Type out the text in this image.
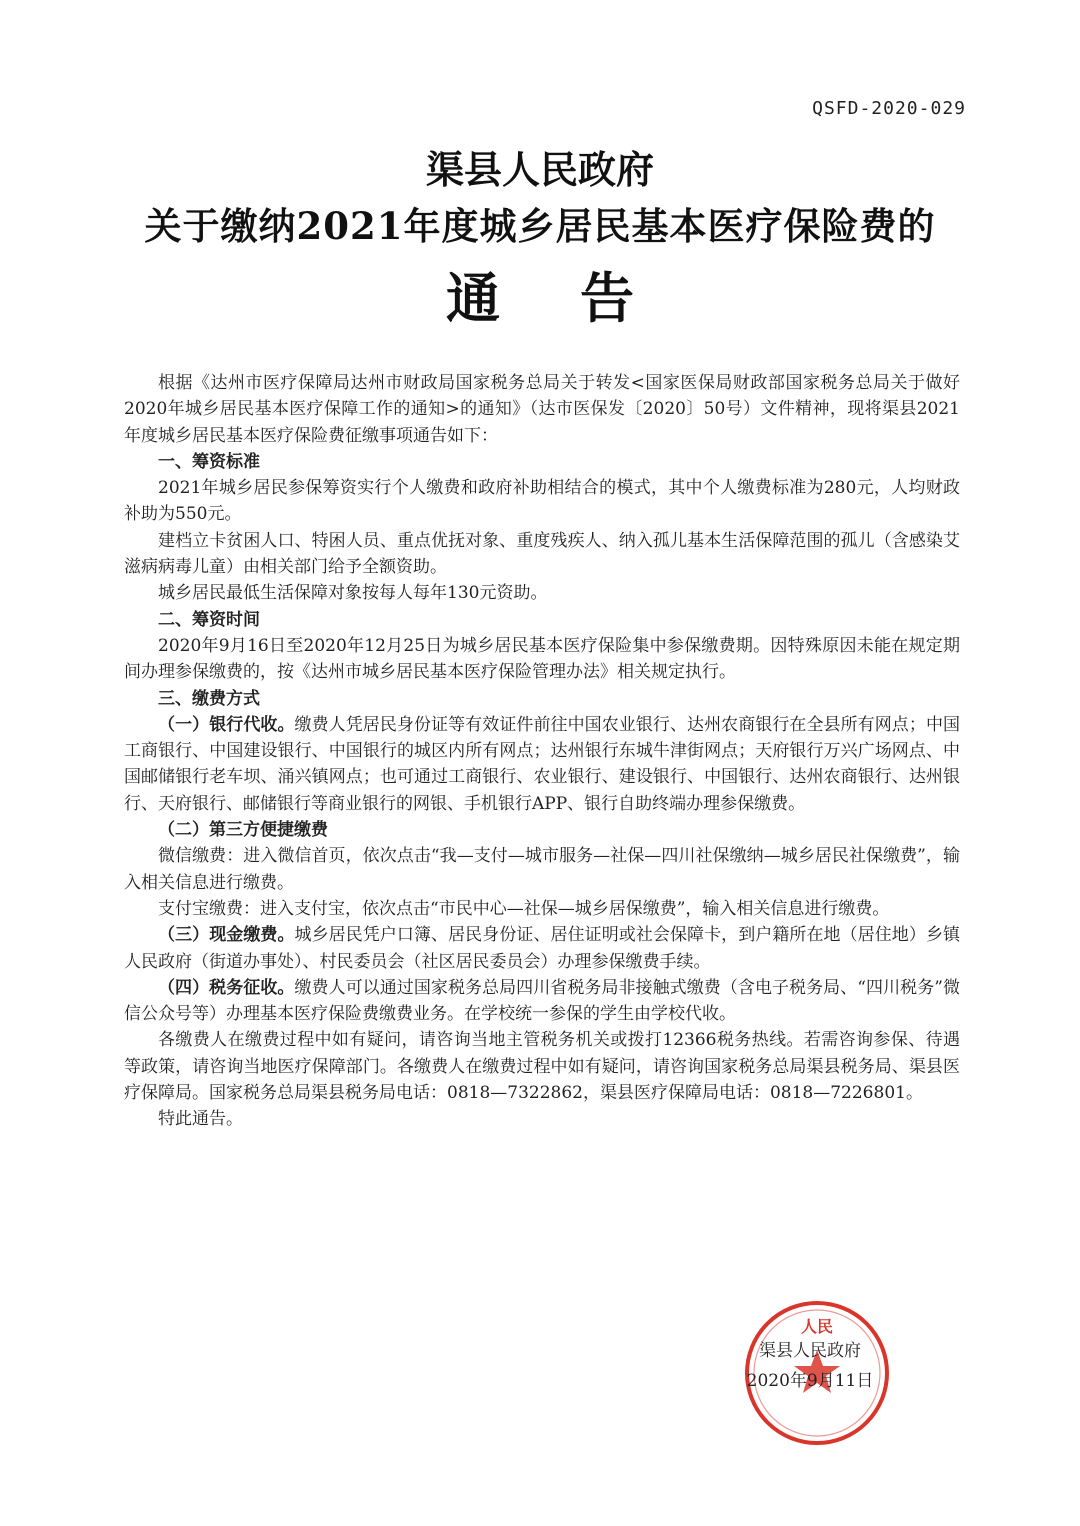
QSFD-2020-029

渠县人民政府

关于缴纳2021年度城乡居民基本医疗保险费的

通告

根据《达州市医疗保障局达州市财政局国家税务总局关于转发<国家医保局财政部国家税务总局关于做好2020年城乡居民基本医疗保障工作的通知>的通知》（达市医保发〔2020〕50号）文件精神，现将渠县2021年度城乡居民基本医疗保险费征缴事项通告如下：

一、筹资标准

2021年城乡居民参保筹资实行个人缴费和政府补助相结合的模式，其中个人缴费标准为280元，人均财政补助为550元。

建档立卡贫困人口、特困人员、重点优抚对象、重度残疾人、纳入孤儿基本生活保障范围的孤儿（含感染艾滋病病毒儿童）由相关部门给予全额资助。

城乡居民最低生活保障对象按每人每年130元资助。

二、筹资时间

2020年9月16日至2020年12月25日为城乡居民基本医疗保险集中参保缴费期。因特殊原因未能在规定期间办理参保缴费的，按《达州市城乡居民基本医疗保险管理办法》相关规定执行。

三、缴费方式

（一）银行代收。缴费人凭居民身份证等有效证件前往中国农业银行、达州农商银行在全县所有网点；中国工商银行、中国建设银行、中国银行的城区内所有网点；达州银行东城牛津街网点；天府银行万兴广场网点、中国邮储银行老车坝、涌兴镇网点；也可通过工商银行、农业银行、建设银行、中国银行、达州农商银行、达州银行、天府银行、邮储银行等商业银行的网银、手机银行APP、银行自助终端办理参保缴费。

（二）第三方便捷缴费

微信缴费：进入微信首页，依次点击“我—支付—城市服务—社保—四川社保缴纳—城乡居民社保缴费”，输入相关信息进行缴费。

支付宝缴费：进入支付宝，依次点击“市民中心—社保—城乡居保缴费”，输入相关信息进行缴费。

（三）现金缴费。城乡居民凭户口簿、居民身份证、居住证明或社会保障卡，到户籍所在地（居住地）乡镇人民政府（街道办事处）、村民委员会（社区居民委员会）办理参保缴费手续。

（四）税务征收。缴费人可以通过国家税务总局四川省税务局非接触式缴费（含电子税务局、“四川税务”微信公众号等）办理基本医疗保险费缴费业务。在学校统一参保的学生由学校代收。

各缴费人在缴费过程中如有疑问，请咨询当地主管税务机关或拨打12366税务热线。若需咨询参保、待遇等政策，请咨询当地医疗保障部门。各缴费人在缴费过程中如有疑问，请咨询国家税务总局渠县税务局、渠县医疗保障局。国家税务总局渠县税务局电话：0818—7322862，渠县医疗保障局电话：0818—7226801。

特此通告。

人民
渠县人民政府
2020年9月11日
